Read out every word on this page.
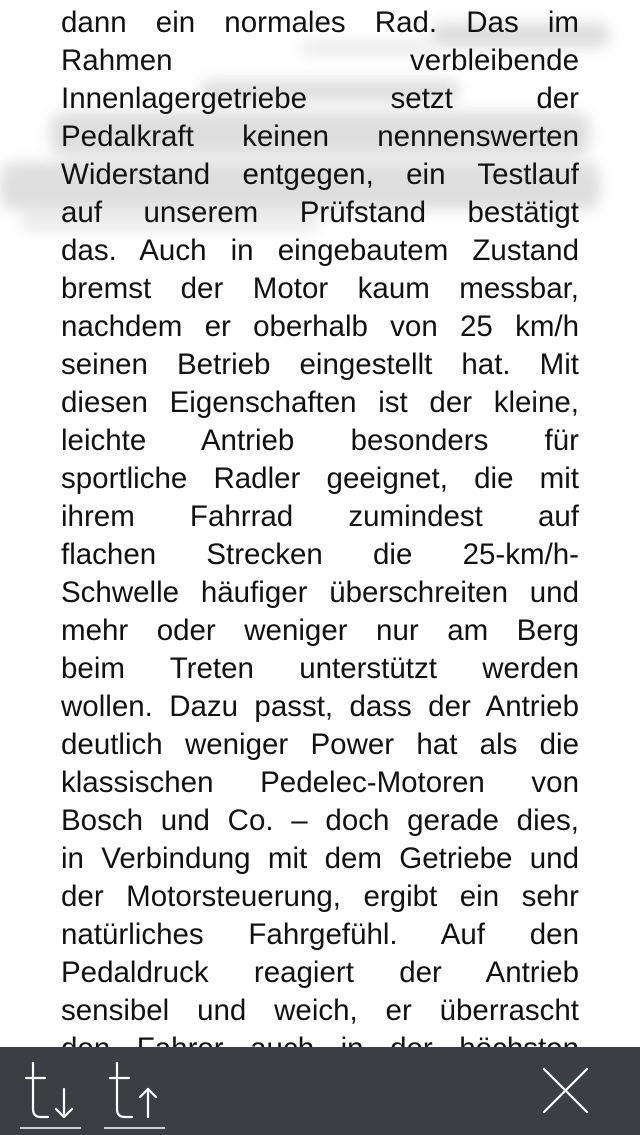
dann ein normales Rad. Das im
Rahmen verbleibende
Innenlagergetriebe setzt der
Pedalkraft keinen nennenswerten
Widerstand entgegen, ein Testlauf
auf unserem Prüfstand bestätigt
das. Auch in eingebautem Zustand
bremst der Motor kaum messbar,
nachdem er oberhalb von 25 km/h
seinen Betrieb eingestellt hat. Mit
diesen Eigenschaften ist der kleine,
leichte Antrieb besonders für
sportliche Radler geeignet, die mit
ihrem Fahrrad zumindest auf
flachen Strecken die 25-km/h-
Schwelle häufiger überschreiten und
mehr oder weniger nur am Berg
beim Treten unterstützt werden
wollen. Dazu passt, dass der Antrieb
deutlich weniger Power hat als die
klassischen Pedelec-Motoren von
Bosch und Co. – doch gerade dies,
in Verbindung mit dem Getriebe und
der Motorsteuerung, ergibt ein sehr
natürliches Fahrgefühl. Auf den
Pedaldruck reagiert der Antrieb
sensibel und weich, er überrascht
